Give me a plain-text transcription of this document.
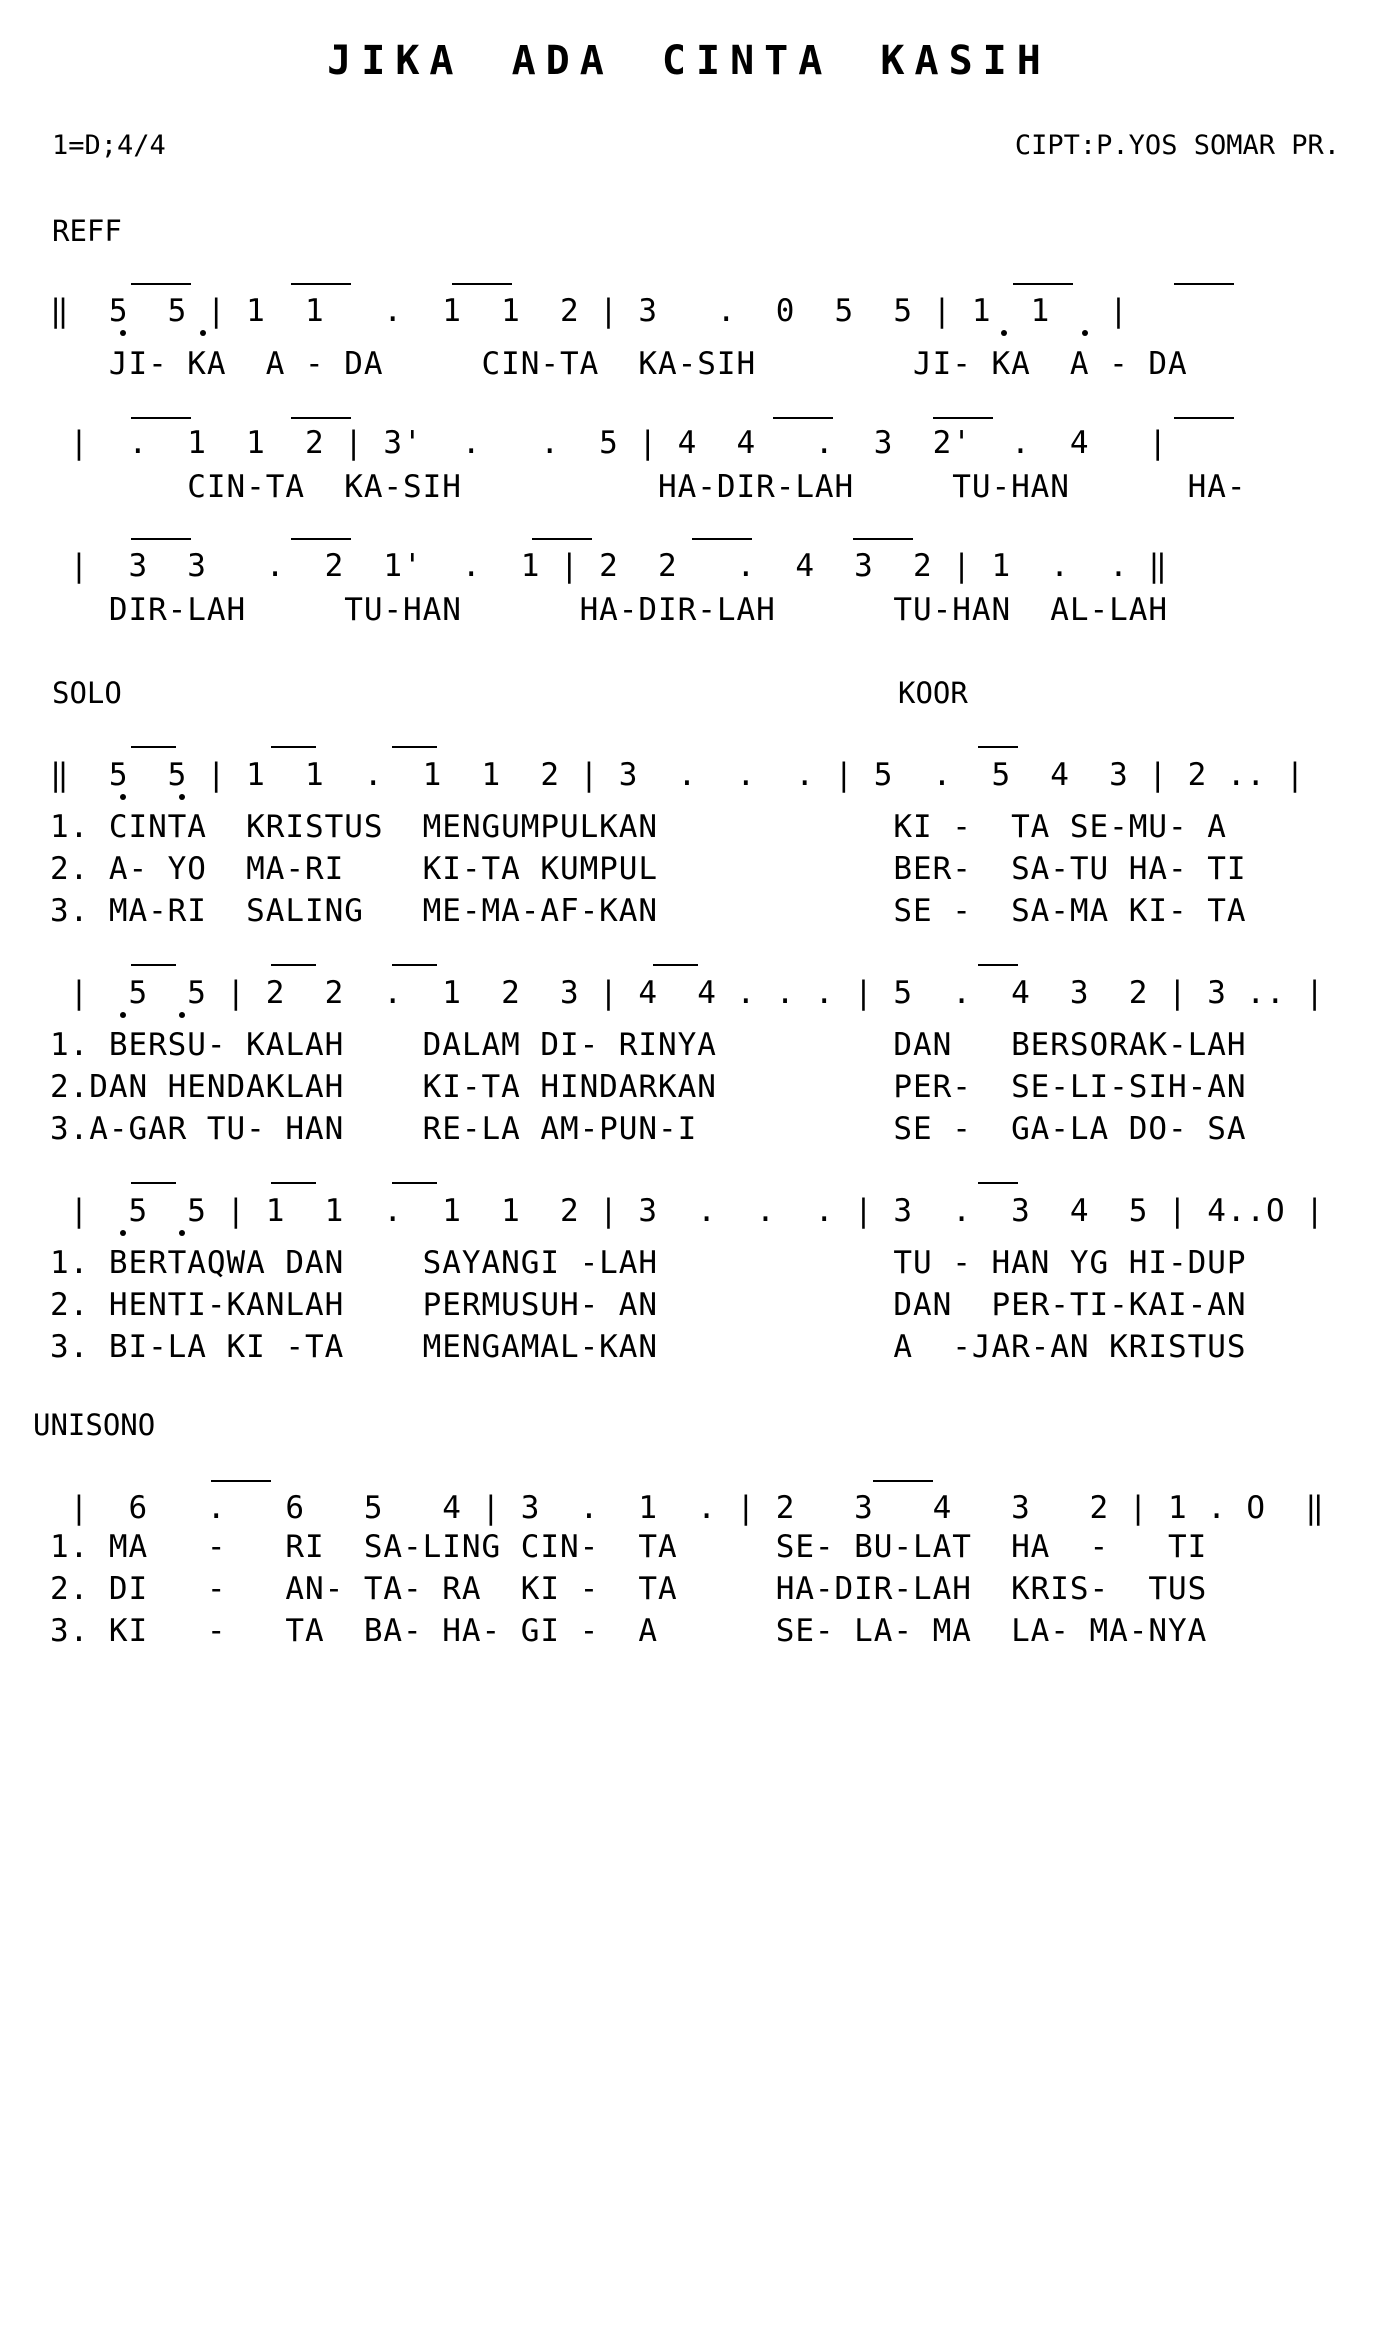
JIKA ADA CINTA KASIH
1=D;4/4	CIPT:P.YOS SOMAR PR.
REFF
‖  5  5 | 1  1   .  1  1  2 | 3   .  0  5  5 | 1  1   |
JI- KA  A - DA     CIN-TA  KA-SIH        JI- KA  A - DA
|  .  1  1  2 | 3'  .   .  5 | 4  4   .  3  2'  .  4   |
CIN-TA  KA-SIH          HA-DIR-LAH     TU-HAN      HA-
|  3  3   .  2  1'  .  1 | 2  2   .  4  3  2 | 1  .  . ‖
DIR-LAH     TU-HAN      HA-DIR-LAH      TU-HAN  AL-LAH
SOLO	KOOR
‖  5  5 | 1  1  .  1  1  2 | 3  .  .  . | 5  .  5  4  3 | 2 .. |
1. CINTA  KRISTUS  MENGUMPULKAN            KI -  TA SE-MU- A
2. A- YO  MA-RI    KI-TA KUMPUL            BER-  SA-TU HA- TI
3. MA-RI  SALING   ME-MA-AF-KAN            SE -  SA-MA KI- TA
|  5  5 | 2  2  .  1  2  3 | 4  4 . . . | 5  .  4  3  2 | 3 .. |
1. BERSU- KALAH    DALAM DI- RINYA         DAN   BERSORAK-LAH
2.DAN HENDAKLAH    KI-TA HINDARKAN         PER-  SE-LI-SIH-AN
3.A-GAR TU- HAN    RE-LA AM-PUN-I          SE -  GA-LA DO- SA
|  5  5 | 1  1  .  1  1  2 | 3  .  .  . | 3  .  3  4  5 | 4..O |
1. BERTAQWA DAN    SAYANGI -LAH            TU - HAN YG HI-DUP
2. HENTI-KANLAH    PERMUSUH- AN            DAN  PER-TI-KAI-AN
3. BI-LA KI -TA    MENGAMAL-KAN            A  -JAR-AN KRISTUS
UNISONO
|  6   .   6   5   4 | 3  .  1  . | 2   3   4   3   2 | 1 . O  ‖
1. MA   -   RI  SA-LING CIN-  TA     SE- BU-LAT  HA  -   TI
2. DI   -   AN- TA- RA  KI -  TA     HA-DIR-LAH  KRIS-  TUS
3. KI   -   TA  BA- HA- GI -  A      SE- LA- MA  LA- MA-NYA
